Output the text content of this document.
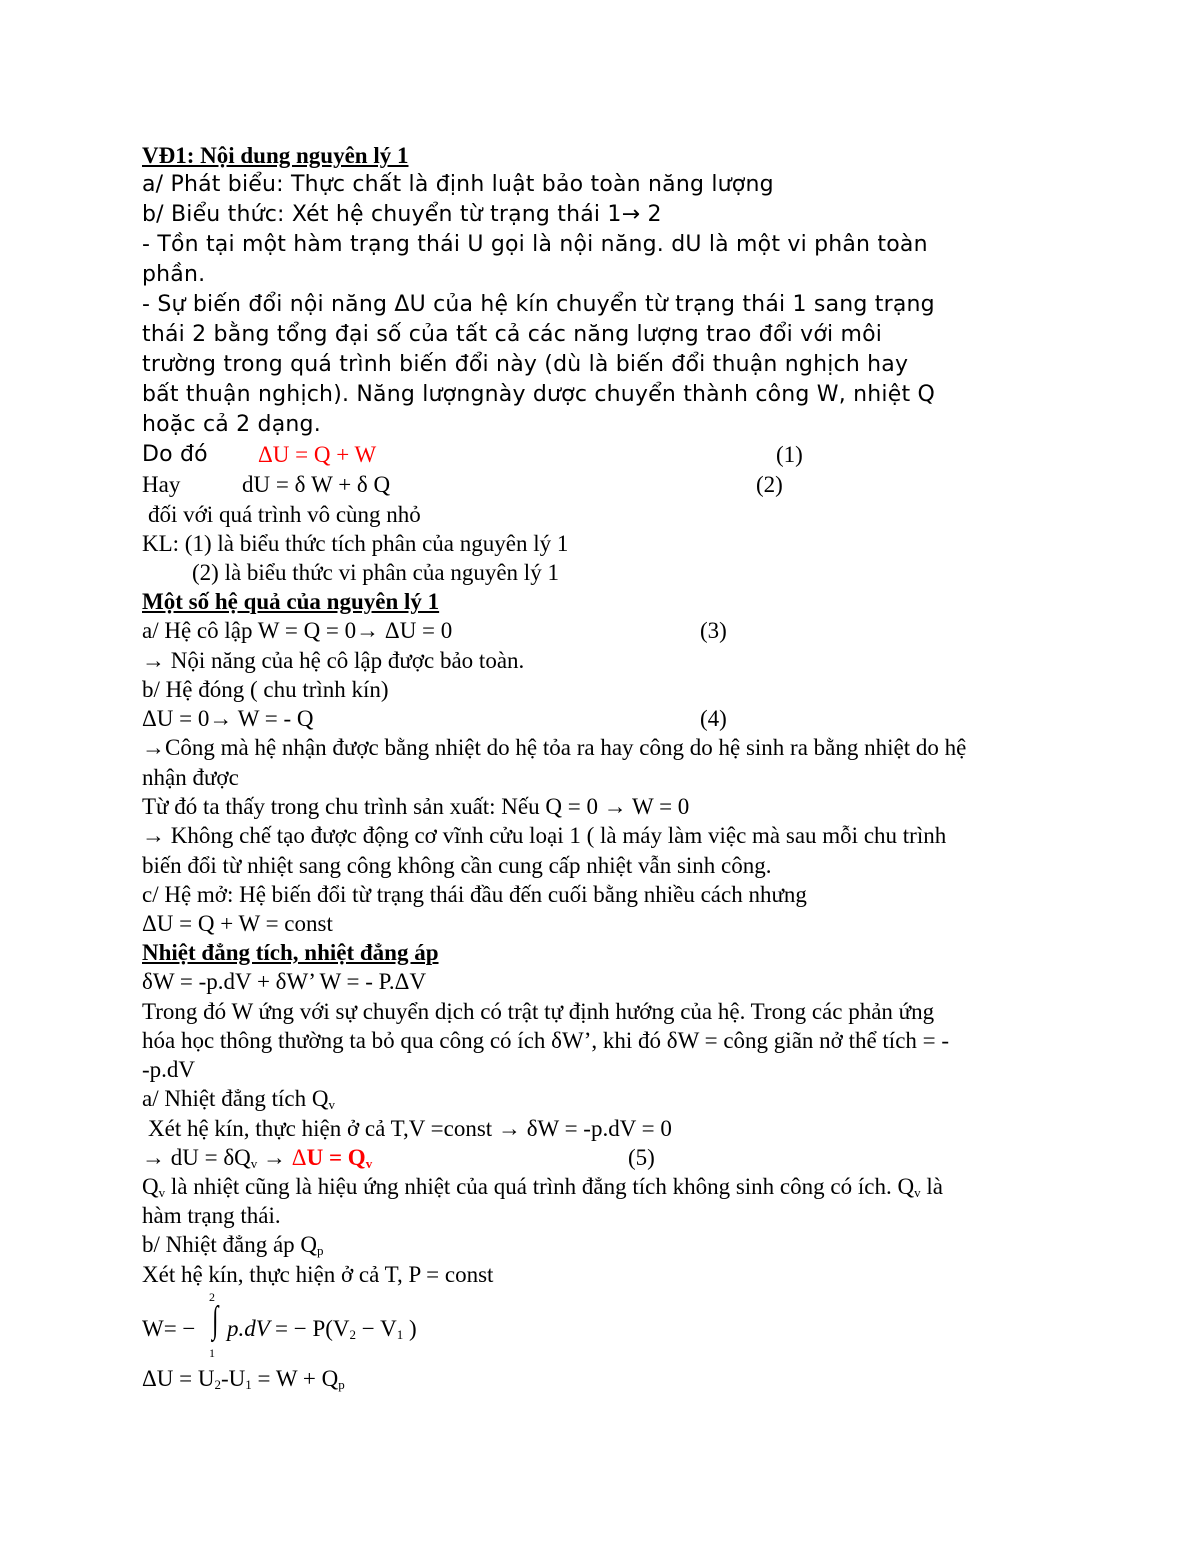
VĐ1: Nội dung nguyên lý 1
a/ Phát biểu: Thực chất là định luật bảo toàn năng lượng
b/ Biểu thức: Xét hệ chuyển từ trạng thái 1→ 2
- Tồn tại một hàm trạng thái U gọi là nội năng. dU là một vi phân toàn
phần.
- Sự biến đổi nội năng ΔU của hệ kín chuyển từ trạng thái 1 sang trạng
thái 2 bằng tổng đại số của tất cả các năng lượng trao đổi với môi
trường trong quá trình biến đổi này (dù là biến đổi thuận nghịch hay
bất thuận nghịch). Năng lượngnày dược chuyển thành công W, nhiệt Q
hoặc cả 2 dạng.
Do đó ΔU = Q + W	(1)
Hay	dU = δ W + δ Q	(2)
đối với quá trình vô cùng nhỏ
KL: (1) là biểu thức tích phân của nguyên lý 1
(2) là biểu thức vi phân của nguyên lý 1
Một số hệ quả của nguyên lý 1
a/ Hệ cô lập W = Q = 0→ ΔU = 0	(3)
→ Nội năng của hệ cô lập được bảo toàn.
b/ Hệ đóng ( chu trình kín)
ΔU = 0→ W = - Q	(4)
→Công mà hệ nhận được bằng nhiệt do hệ tỏa ra hay công do hệ sinh ra bằng nhiệt do hệ
nhận được
Từ đó ta thấy trong chu trình sản xuất: Nếu Q = 0 → W = 0
→ Không chế tạo được động cơ vĩnh cửu loại 1 ( là máy làm việc mà sau mỗi chu trình
biến đổi từ nhiệt sang công không cần cung cấp nhiệt vẫn sinh công.
c/ Hệ mở: Hệ biến đổi từ trạng thái đầu đến cuối bằng nhiều cách nhưng
ΔU = Q + W = const
Nhiệt đẳng tích, nhiệt đẳng áp
δW = -p.dV + δW’ W = - P.ΔV
Trong đó W ứng với sự chuyển dịch có trật tự định hướng của hệ. Trong các phản ứng
hóa học thông thường ta bỏ qua công có ích δW’, khi đó δW = công giãn nở thể tích = -
-p.dV
a/ Nhiệt đẳng tích $Q_v$
Xét hệ kín, thực hiện ở cả T,V =const → δW = -p.dV = 0
→ dU = $\delta Q_v \to \Delta U = Q_v$	(5)
$Q_v$ là nhiệt cũng là hiệu ứng nhiệt của quá trình đẳng tích không sinh công có ích. $Q_v$ là
hàm trạng thái.
b/ Nhiệt đẳng áp $Q_p$
Xét hệ kín, thực hiện ở cả T, P = const
W= −
2
∫
1
p.dV = − $P(V_2 - V_1$ )
$\Delta U = U_2-U_1 = W + Q_p$
